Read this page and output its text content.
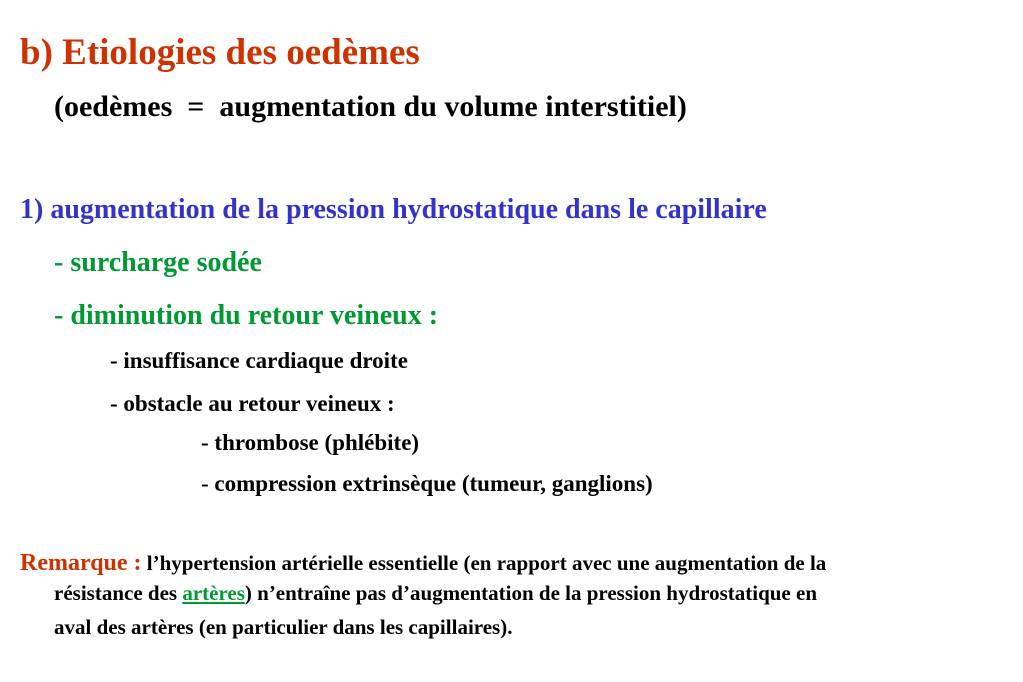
b) Etiologies des oedèmes
(oedèmes  =  augmentation du volume interstitiel)
1) augmentation de la pression hydrostatique dans le capillaire
- surcharge sodée
- diminution du retour veineux :
- insuffisance cardiaque droite
- obstacle au retour veineux :
- thrombose (phlébite)
- compression extrinsèque (tumeur, ganglions)
Remarque : l’hypertension artérielle essentielle (en rapport avec une augmentation de la
résistance des artères) n’entraîne pas d’augmentation de la pression hydrostatique en
aval des artères (en particulier dans les capillaires).
